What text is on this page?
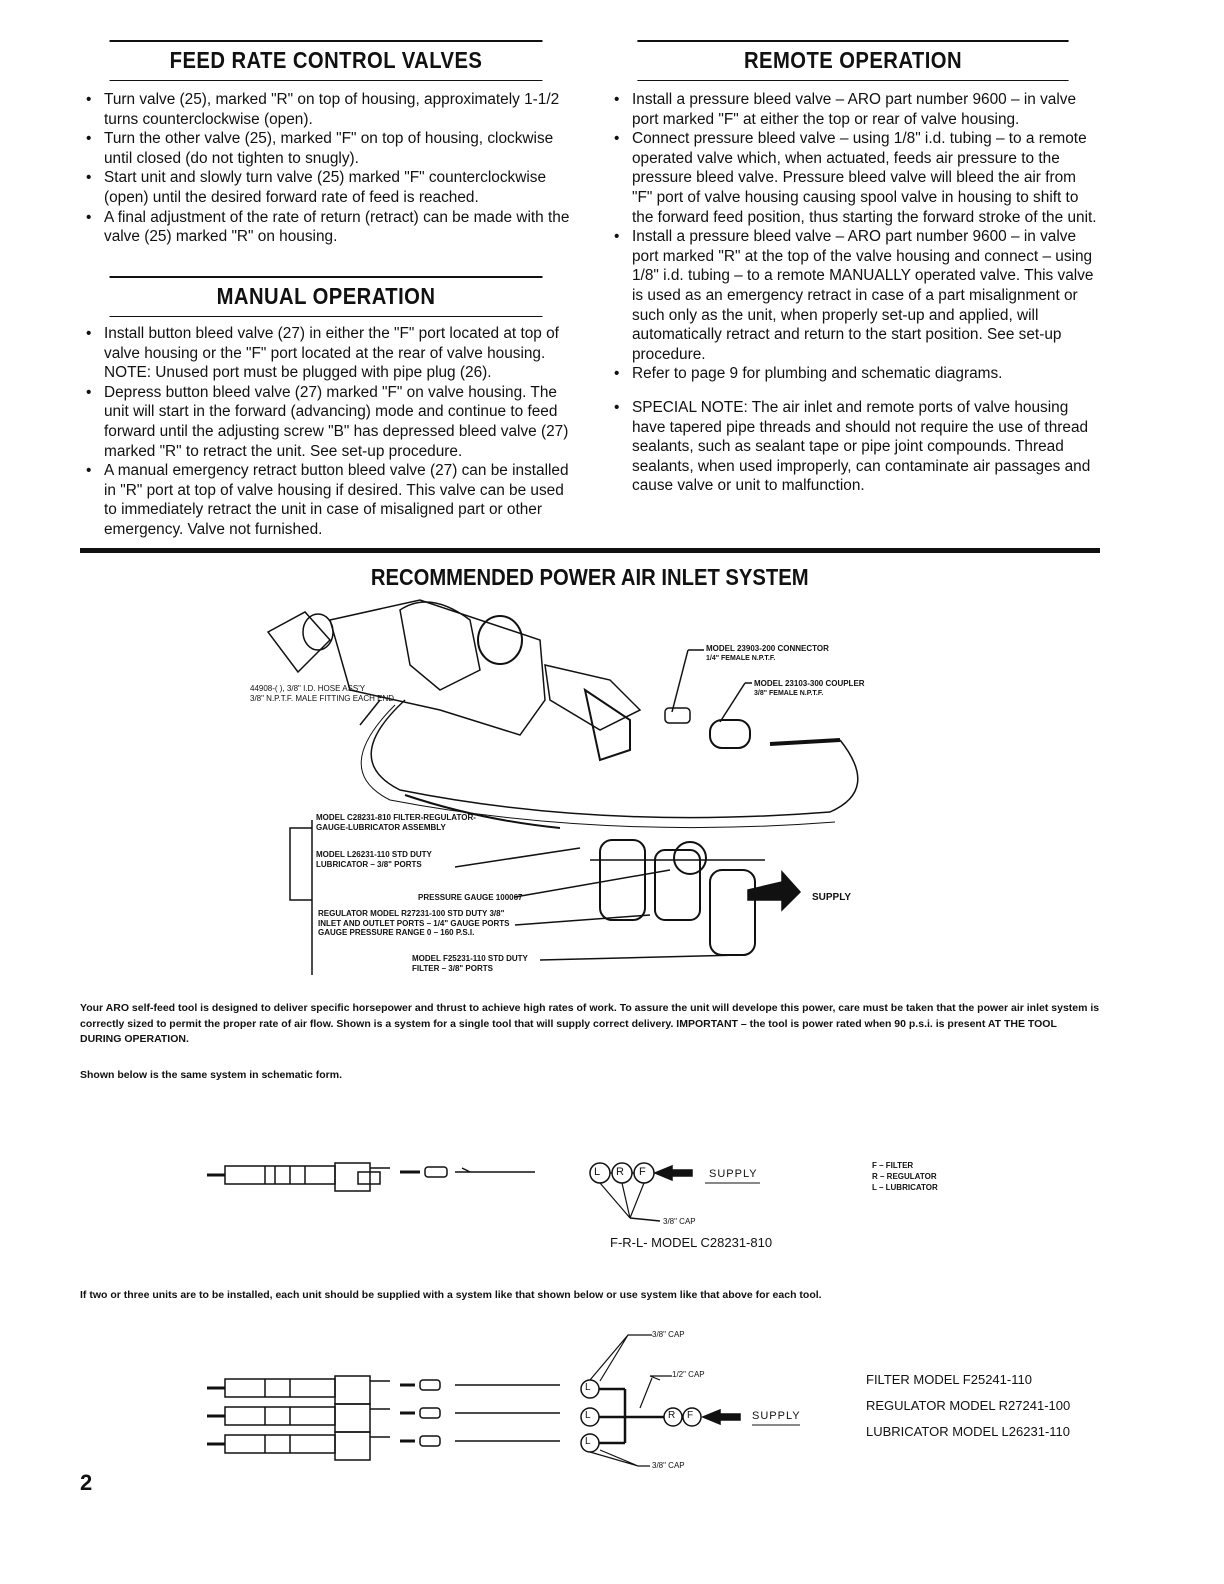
FEED RATE CONTROL VALVES
• Turn valve (25), marked "R" on top of housing, approximately 1-1/2 turns counterclockwise (open).
• Turn the other valve (25), marked "F" on top of housing, clockwise until closed (do not tighten to snugly).
• Start unit and slowly turn valve (25) marked "F" counterclockwise (open) until the desired forward rate of feed is reached.
• A final adjustment of the rate of return (retract) can be made with the valve (25) marked "R" on housing.
MANUAL OPERATION
• Install button bleed valve (27) in either the "F" port located at top of valve housing or the "F" port located at the rear of valve housing. NOTE: Unused port must be plugged with pipe plug (26).
• Depress button bleed valve (27) marked "F" on valve housing. The unit will start in the forward (advancing) mode and continue to feed forward until the adjusting screw "B" has depressed bleed valve (27) marked "R" to retract the unit. See set-up procedure.
• A manual emergency retract button bleed valve (27) can be installed in "R" port at top of valve housing if desired. This valve can be used to immediately retract the unit in case of misaligned part or other emergency. Valve not furnished.
REMOTE OPERATION
• Install a pressure bleed valve – ARO part number 9600 – in valve port marked "F" at either the top or rear of valve housing.
• Connect pressure bleed valve – using 1/8" i.d. tubing – to a remote operated valve which, when actuated, feeds air pressure to the pressure bleed valve. Pressure bleed valve will bleed the air from "F" port of valve housing causing spool valve in housing to shift to the forward feed position, thus starting the forward stroke of the unit.
• Install a pressure bleed valve – ARO part number 9600 – in valve port marked "R" at the top of the valve housing and connect – using 1/8" i.d. tubing – to a remote MANUALLY operated valve. This valve is used as an emergency retract in case of a part misalignment or such only as the unit, when properly set-up and applied, will automatically retract and return to the start position. See set-up procedure.
• Refer to page 9 for plumbing and schematic diagrams.
• SPECIAL NOTE: The air inlet and remote ports of valve housing have tapered pipe threads and should not require the use of thread sealants, such as sealant tape or pipe joint compounds. Thread sealants, when used improperly, can contaminate air passages and cause valve or unit to malfunction.
RECOMMENDED POWER AIR INLET SYSTEM
MODEL 23903-200 CONNECTOR
1/4" FEMALE N.P.T.F.
MODEL 23103-300 COUPLER
3/8" FEMALE N.P.T.F.
44908-( ), 3/8" I.D. HOSE ASS'Y
3/8" N.P.T.F. MALE FITTING EACH END
MODEL C28231-810 FILTER-REGULATOR-
GAUGE-LUBRICATOR ASSEMBLY
MODEL L26231-110 STD DUTY
LUBRICATOR – 3/8" PORTS
PRESSURE GAUGE 100067
REGULATOR MODEL R27231-100 STD DUTY 3/8"
INLET AND OUTLET PORTS – 1/4" GAUGE PORTS
GAUGE PRESSURE RANGE 0 – 160 P.S.I.
MODEL F25231-110 STD DUTY
FILTER – 3/8" PORTS
SUPPLY
Your ARO self-feed tool is designed to deliver specific horsepower and thrust to achieve high rates of work. To assure the unit will develope this power, care must be taken that the power air inlet system is correctly sized to permit the proper rate of air flow. Shown is a system for a single tool that will supply correct delivery. IMPORTANT – the tool is power rated when 90 p.s.i. is present AT THE TOOL DURING OPERATION.
Shown below is the same system in schematic form.
L R F	SUPPLY
3/8" CAP
F-R-L- MODEL C28231-810
F – FILTER
R – REGULATOR
L – LUBRICATOR
If two or three units are to be installed, each unit should be supplied with a system like that shown below or use system like that above for each tool.
3/8" CAP
1/2" CAP
3/8" CAP
L
L
L
R F	SUPPLY
FILTER MODEL F25241-110
REGULATOR MODEL R27241-100
LUBRICATOR MODEL L26231-110
2
